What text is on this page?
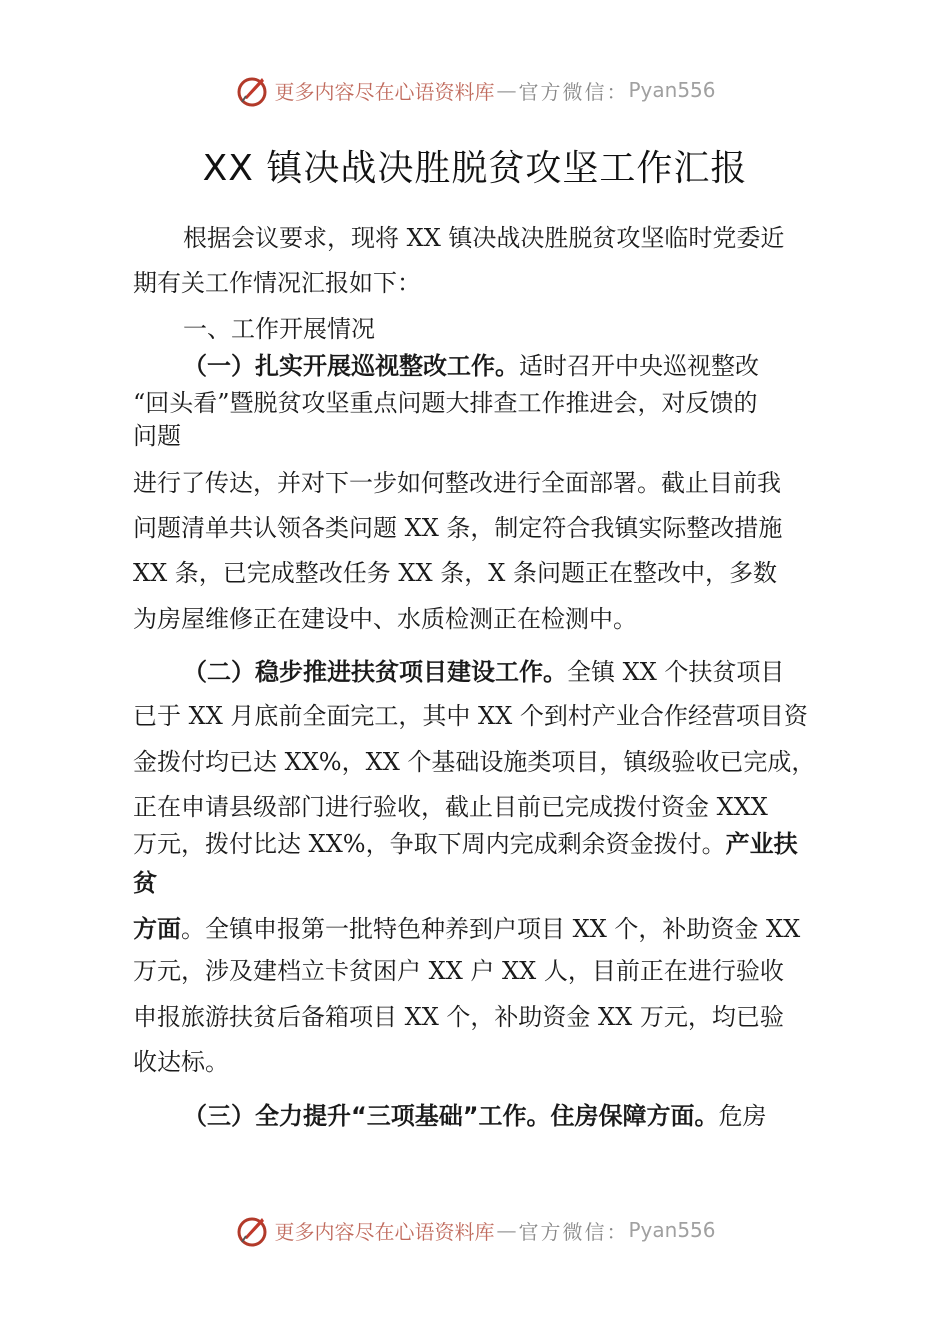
更多内容尽在心语资料库 — 官方微信： Pyan556
XX 镇决战决胜脱贫攻坚工作汇报
根据会议要求，现将 XX 镇决战决胜脱贫攻坚临时党委近
期有关工作情况汇报如下：
一、工作开展情况
（一）扎实开展巡视整改工作。适时召开中央巡视整改
“回头看”暨脱贫攻坚重点问题大排查工作推进会，对反馈的
问题
进行了传达，并对下一步如何整改进行全面部署。截止目前我
问题清单共认领各类问题 XX 条，制定符合我镇实际整改措施
XX 条，已完成整改任务 XX 条，X 条问题正在整改中，多数
为房屋维修正在建设中、水质检测正在检测中。
（二）稳步推进扶贫项目建设工作。全镇 XX 个扶贫项目
已于 XX 月底前全面完工，其中 XX 个到村产业合作经营项目资
金拨付均已达 XX%，XX 个基础设施类项目，镇级验收已完成，
正在申请县级部门进行验收，截止目前已完成拨付资金 XXX
万元，拨付比达 XX%，争取下周内完成剩余资金拨付。产业扶
贫
方面。全镇申报第一批特色种养到户项目 XX 个，补助资金 XX
万元，涉及建档立卡贫困户 XX 户 XX 人，目前正在进行验收
申报旅游扶贫后备箱项目 XX 个，补助资金 XX 万元，均已验
收达标。
（三）全力提升“三项基础”工作。住房保障方面。危房
更多内容尽在心语资料库 — 官方微信： Pyan556
